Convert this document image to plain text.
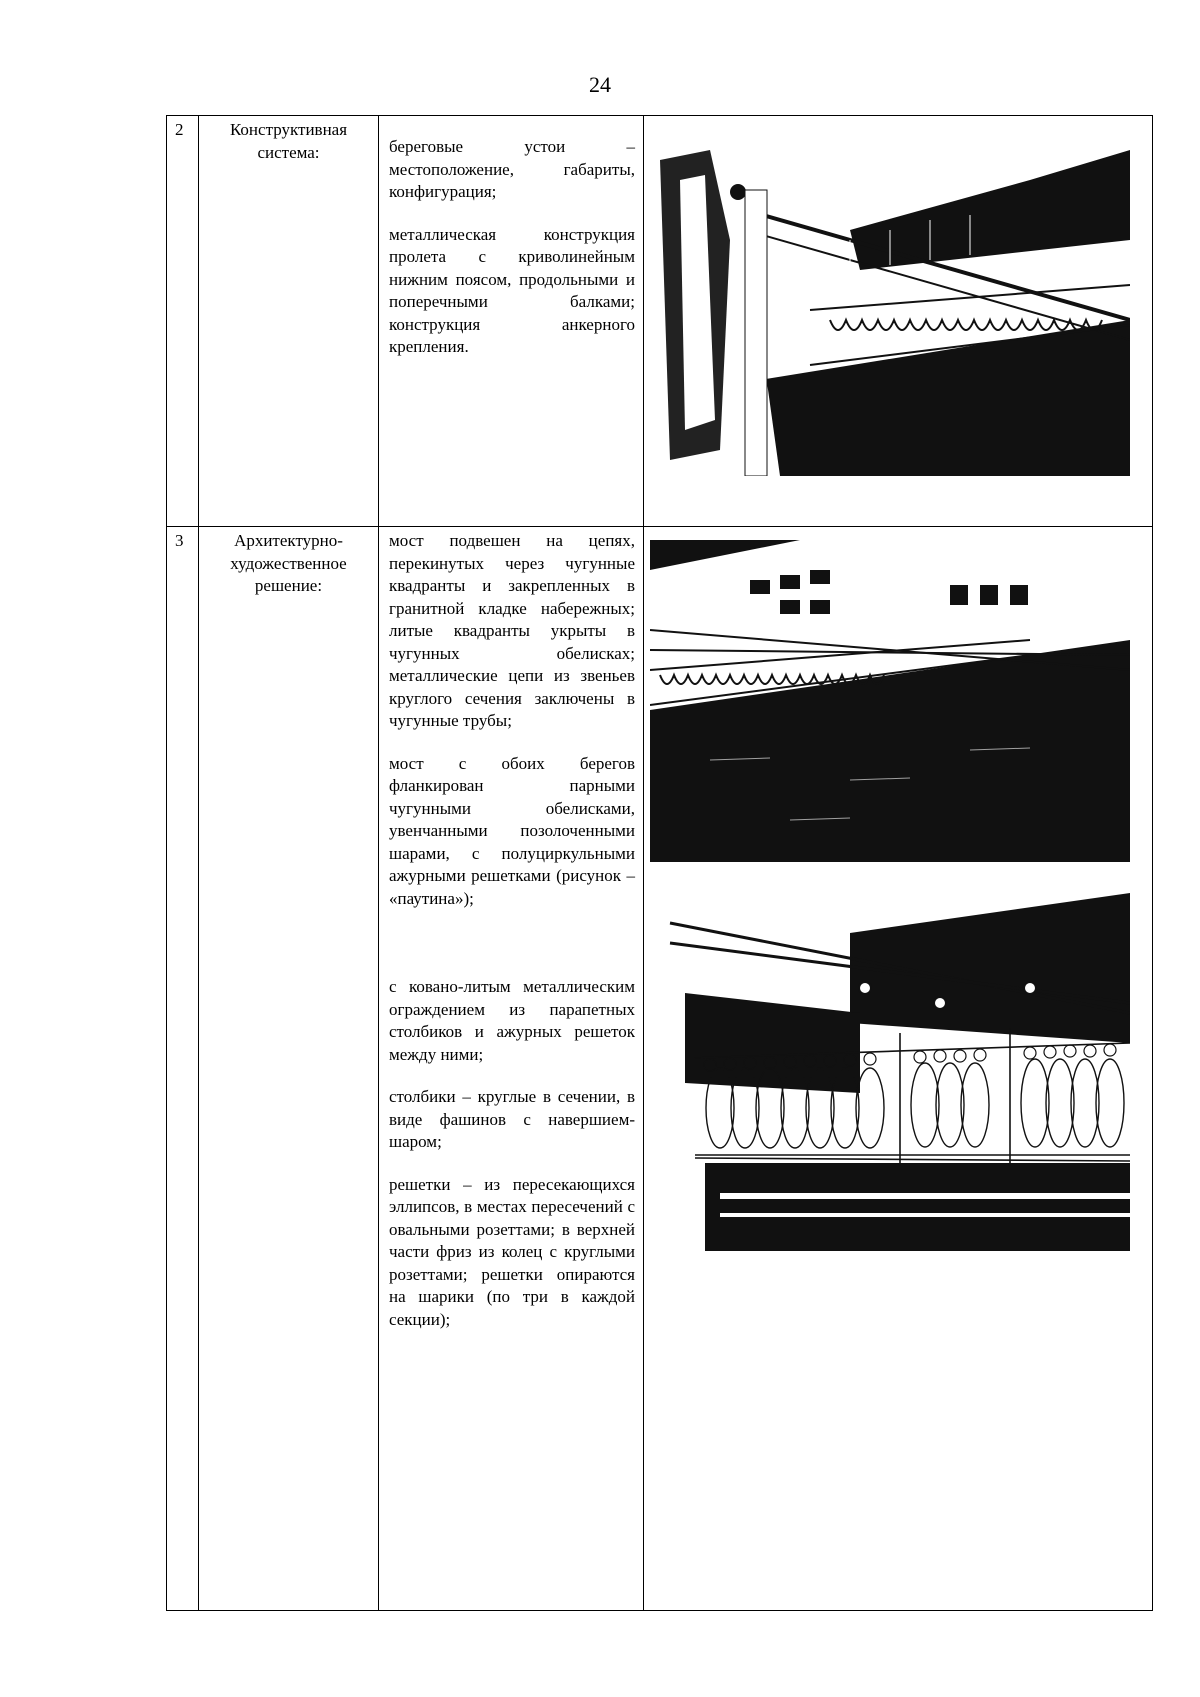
24
2	Конструктивная система:	береговые устои – местоположение, габариты, конфигурация;

металлическая конструкция пролета с криволинейным нижним поясом, продольными и поперечными балками; конструкция анкерного крепления.	

3	Архитектурно-художественное решение:	мост подвешен на цепях, перекинутых через чугунные квадранты и закрепленных в гранитной кладке набережных; литые квадранты укрыты в чугунных обелисках; металлические цепи из звеньев круглого сечения заключены в чугунные трубы;

мост с обоих берегов фланкирован парными чугунными обелисками, увенчанными позолоченными шарами, с полуциркульными ажурными решетками (рисунок – «паутина»);

с ковано-литым металлическим ограждением из парапетных столбиков и ажурных решеток между ними;

столбики – круглые в сечении, в виде фашинов с навершием-шаром;

решетки – из пересекающихся эллипсов, в местах пересечений с овальными розеттами; в верхней части фриз из колец с круглыми розеттами; решетки опираются на шарики (по три в каждой секции);	
